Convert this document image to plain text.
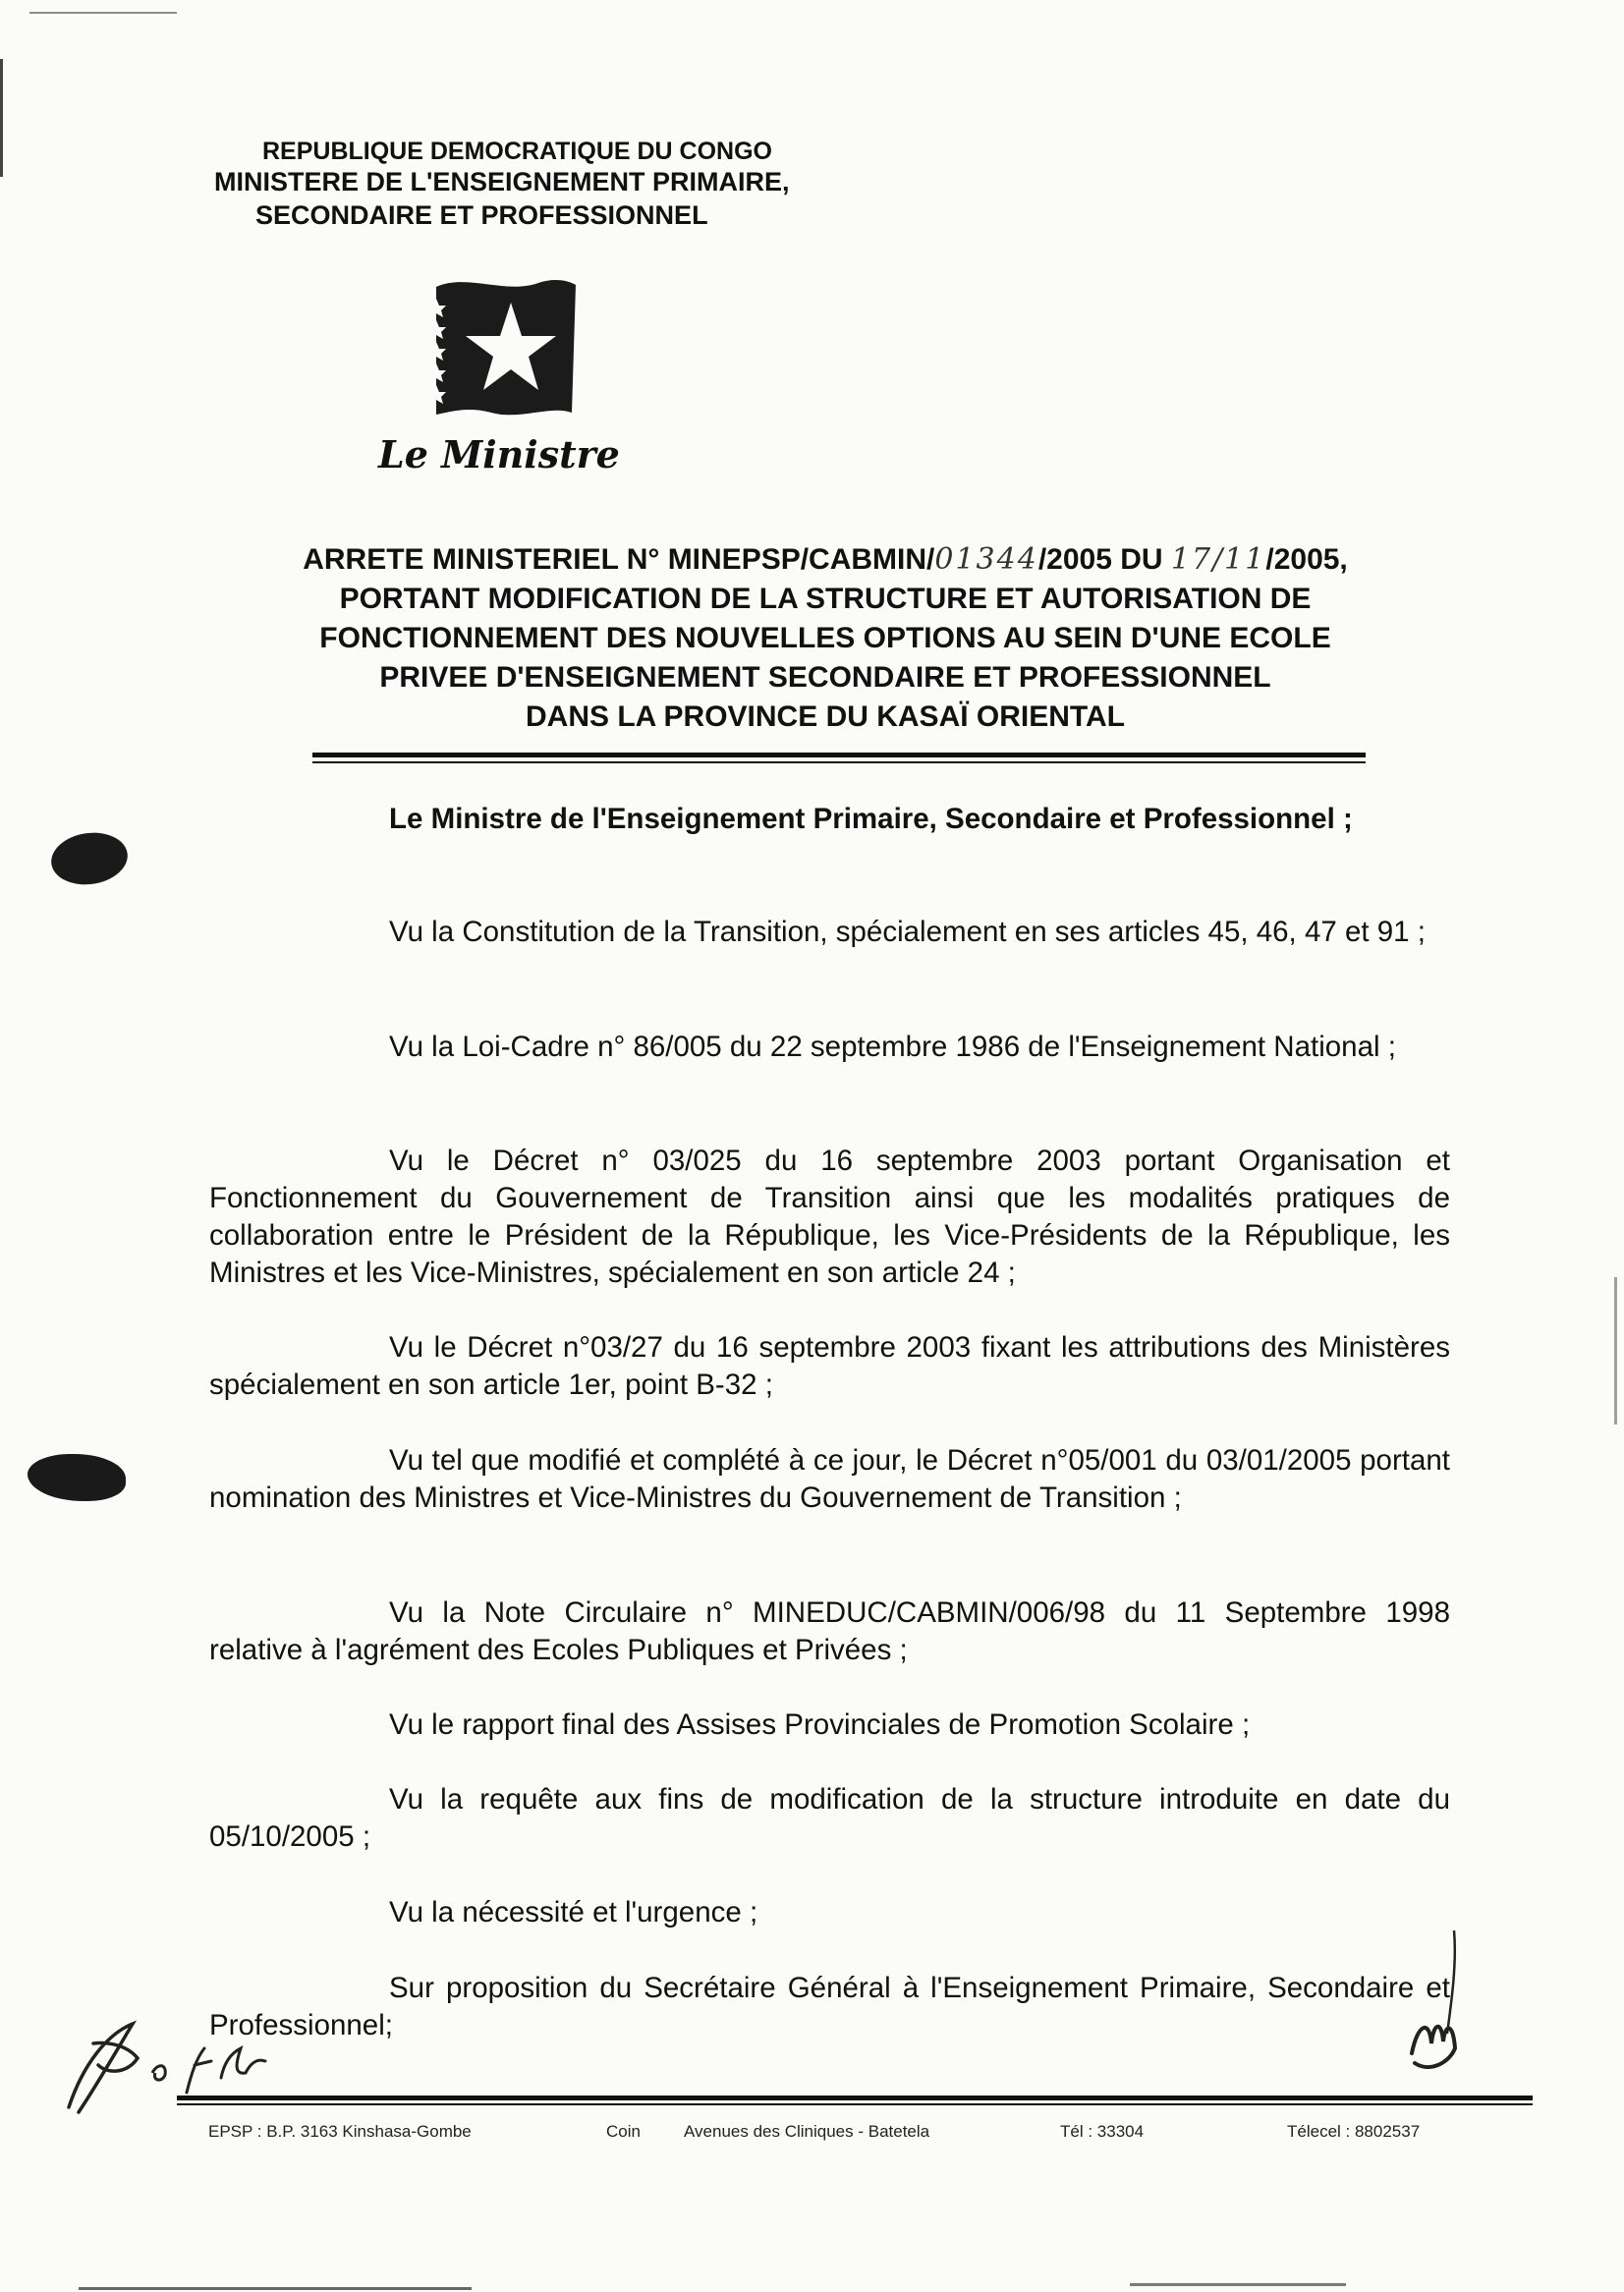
REPUBLIQUE DEMOCRATIQUE DU CONGO
MINISTERE DE L'ENSEIGNEMENT PRIMAIRE,
SECONDAIRE ET PROFESSIONNEL
Le Ministre
ARRETE MINISTERIEL N° MINEPSP/CABMIN/01344/2005 DU 17/11/2005,
PORTANT MODIFICATION DE LA STRUCTURE ET AUTORISATION DE
FONCTIONNEMENT DES NOUVELLES OPTIONS AU SEIN D'UNE ECOLE
PRIVEE D'ENSEIGNEMENT SECONDAIRE ET PROFESSIONNEL
DANS LA PROVINCE DU KASAÏ ORIENTAL
Le Ministre de l'Enseignement Primaire, Secondaire et Professionnel ;
Vu la Constitution de la Transition, spécialement en ses articles 45, 46, 47 et 91 ;
Vu la Loi-Cadre n° 86/005 du 22 septembre 1986 de l'Enseignement National ;
Vu le Décret n° 03/025 du 16 septembre 2003 portant Organisation et Fonctionnement du Gouvernement de Transition ainsi que les modalités pratiques de collaboration entre le Président de la République, les Vice-Présidents de la République, les Ministres et les Vice-Ministres, spécialement en son article 24 ;
Vu le Décret n°03/27 du 16 septembre 2003 fixant les attributions des Ministères spécialement en son article 1er, point B-32 ;
Vu tel que modifié et complété à ce jour, le Décret n°05/001 du 03/01/2005 portant nomination des Ministres et Vice-Ministres du Gouvernement de Transition ;
Vu la Note Circulaire n° MINEDUC/CABMIN/006/98 du 11 Septembre 1998 relative à l'agrément des Ecoles Publiques et Privées ;
Vu le rapport final des Assises Provinciales de Promotion Scolaire ;
Vu la requête aux fins de modification de la structure introduite en date du 05/10/2005 ;
Vu la nécessité et l'urgence ;
Sur proposition du Secrétaire Général à l'Enseignement Primaire, Secondaire et Professionnel;
EPSP : B.P. 3163 Kinshasa-Gombe	Coin	Avenues des Cliniques - Batetela	Tél : 33304	Télecel : 8802537
